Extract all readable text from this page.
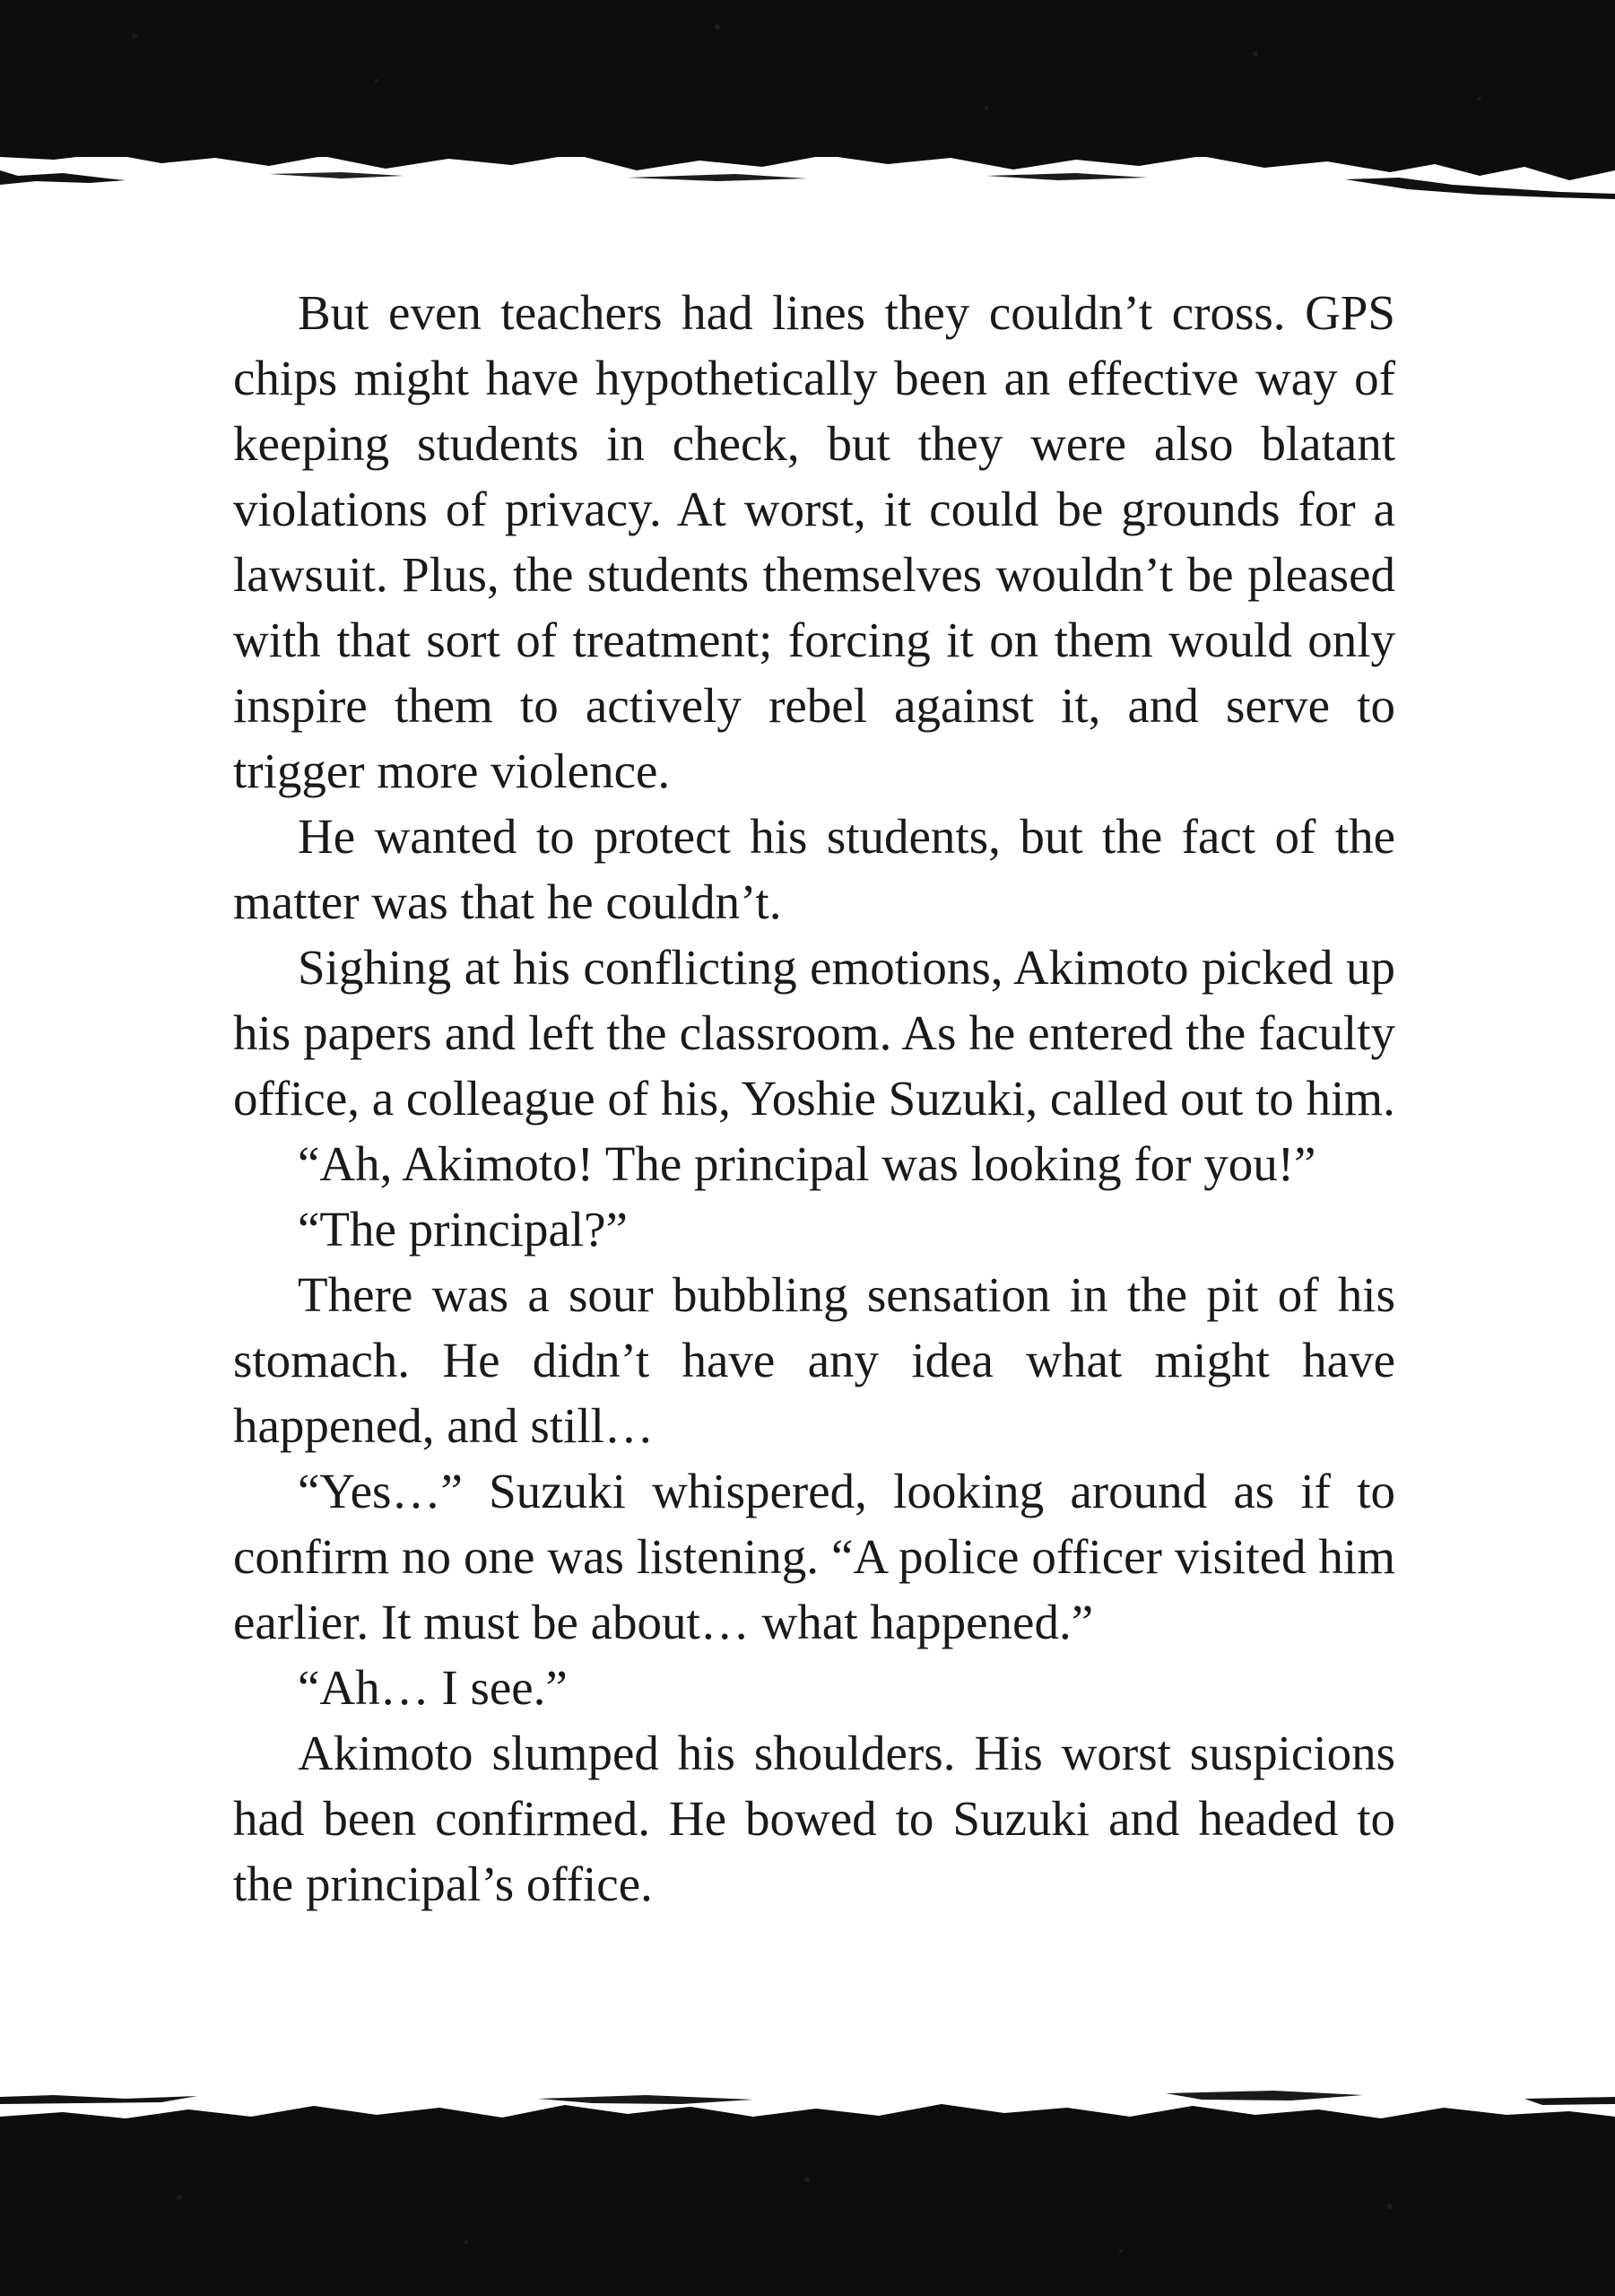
But even teachers had lines they couldn’t cross. GPS chips might have hypothetically been an effective way of keeping students in check, but they were also blatant violations of privacy. At worst, it could be grounds for a lawsuit. Plus, the students themselves wouldn’t be pleased with that sort of treatment; forcing it on them would only inspire them to actively rebel against it, and serve to trigger more violence.

He wanted to protect his students, but the fact of the matter was that he couldn’t.

Sighing at his conflicting emotions, Akimoto picked up his papers and left the classroom. As he entered the faculty office, a colleague of his, Yoshie Suzuki, called out to him.

“Ah, Akimoto! The principal was looking for you!”

“The principal?”

There was a sour bubbling sensation in the pit of his stomach. He didn’t have any idea what might have happened, and still…

“Yes…” Suzuki whispered, looking around as if to confirm no one was listening. “A police officer visited him earlier. It must be about… what happened.”

“Ah… I see.”

Akimoto slumped his shoulders. His worst suspicions had been confirmed. He bowed to Suzuki and headed to the principal’s office.
